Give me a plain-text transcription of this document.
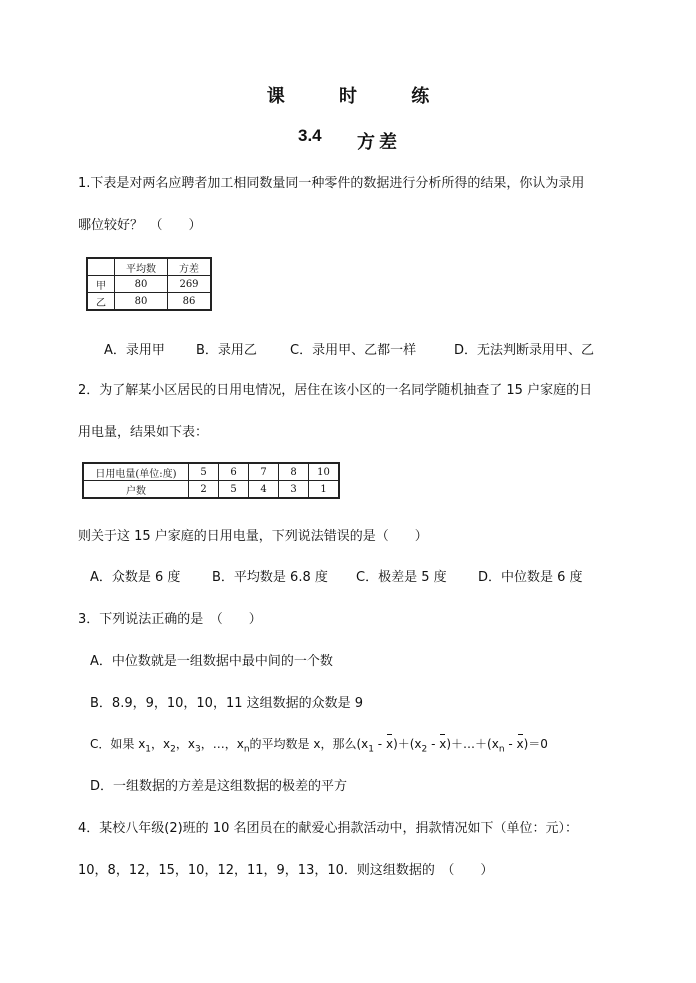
课 时 练
3.4 方差
1.下表是对两名应聘者加工相同数量同一种零件的数据进行分析所得的结果，你认为录用
哪位较好？　（　　）
	平均数	方差
甲	80	269
乙	80	86
A．录用甲 B．录用乙	C．录用甲、乙都一样	D．无法判断录用甲、乙
2．为了解某小区居民的日用电情况，居住在该小区的一名同学随机抽查了 15 户家庭的日
用电量，结果如下表：
日用电量(单位:度)	5	6	7	8	10
户数	2	5	4	3	1
则关于这 15 户家庭的日用电量，下列说法错误的是（　　）
A．众数是 6 度 B．平均数是 6.8 度 C．极差是 5 度 D．中位数是 6 度
3．下列说法正确的是　（　　）
A．中位数就是一组数据中最中间的一个数
B．8.9，9，10，10，11 这组数据的众数是 9
C．如果 $x_1$，$x_2$，$x_3$，…，$x_n$的平均数是 x，那么$(x_1 - x)+(x_2$ - $x)+\dots+(x_n - x)=0$
D．一组数据的方差是这组数据的极差的平方
4．某校八年级(2)班的 10 名团员在的献爱心捐款活动中，捐款情况如下（单位：元）：
10，8，12，15，10，12，11，9，13，10．则这组数据的　（　　）
